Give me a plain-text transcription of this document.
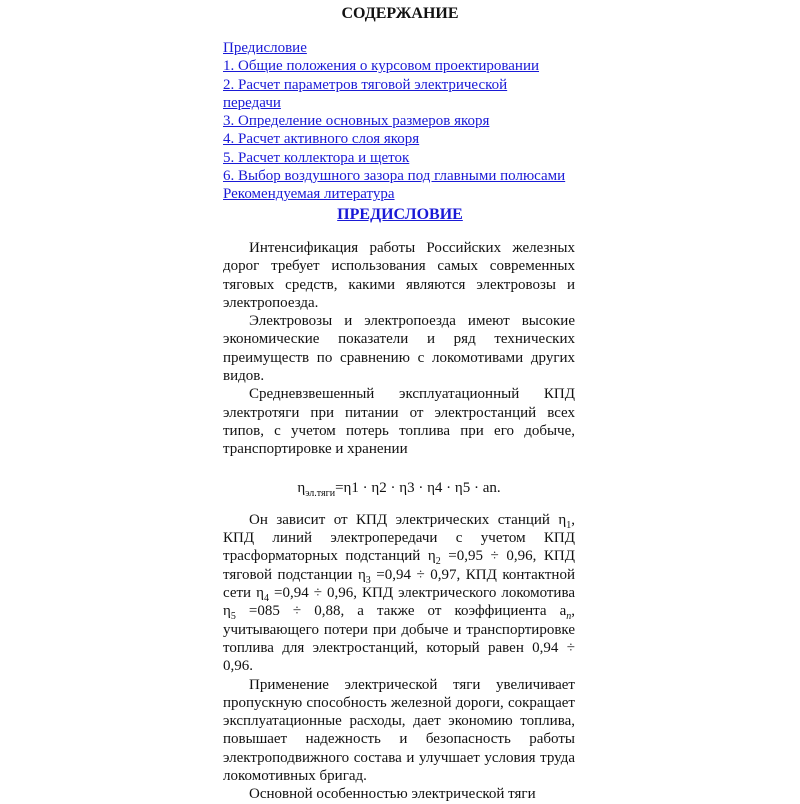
СОДЕРЖАНИЕ
Предисловие
1. Общие положения о курсовом проектировании
2. Расчет параметров тяговой электрической передачи
3. Определение основных размеров якоря
4. Расчет активного слоя якоря
5. Расчет коллектора и щеток
6. Выбор воздушного зазора под главными полюсами
Рекомендуемая литература
ПРЕДИСЛОВИЕ

Интенсификация работы Российских железных дорог требует использования самых современных тяговых средств, какими являются электровозы и электропоезда.

Электровозы и электропоезда имеют высокие экономические показатели и ряд технических преимуществ по сравнению с локомотивами других видов.

Средневзвешенный эксплуатационный КПД электротяги при питании от электростанций всех типов, с учетом потерь топлива при его добыче, транспортировке и хранении

$\eta_{эл.тяги}=\eta 1 \cdot \eta 2 \cdot \eta 3 \cdot \eta 4 \cdot \eta 5$ · an.

Он зависит от КПД электрических станций $\eta_1$, КПД линий электропередачи с учетом КПД трасформаторных подстанций $\eta_2 =0,95 \div 0,96$, КПД тяговой подстанции $\eta_3 =0,94 \div 0,97$, КПД контактной сети $\eta_4 =0,94 \div 0,96$, КПД электрического локомотива $\eta_5 =085 \div 0,88$, а также от коэффициента $a_n$, учитывающего потери при добыче и транспортировке топлива для электростанций, который равен 0,94 ÷ 0,96.

Применение электрической тяги увеличивает пропускную способность железной дороги, сокращает эксплуатационные расходы, дает экономию топлива, повышает надежность и безопасность работы электроподвижного состава и улучшает условия труда локомотивных бригад.

Основной особенностью электрической тяги
